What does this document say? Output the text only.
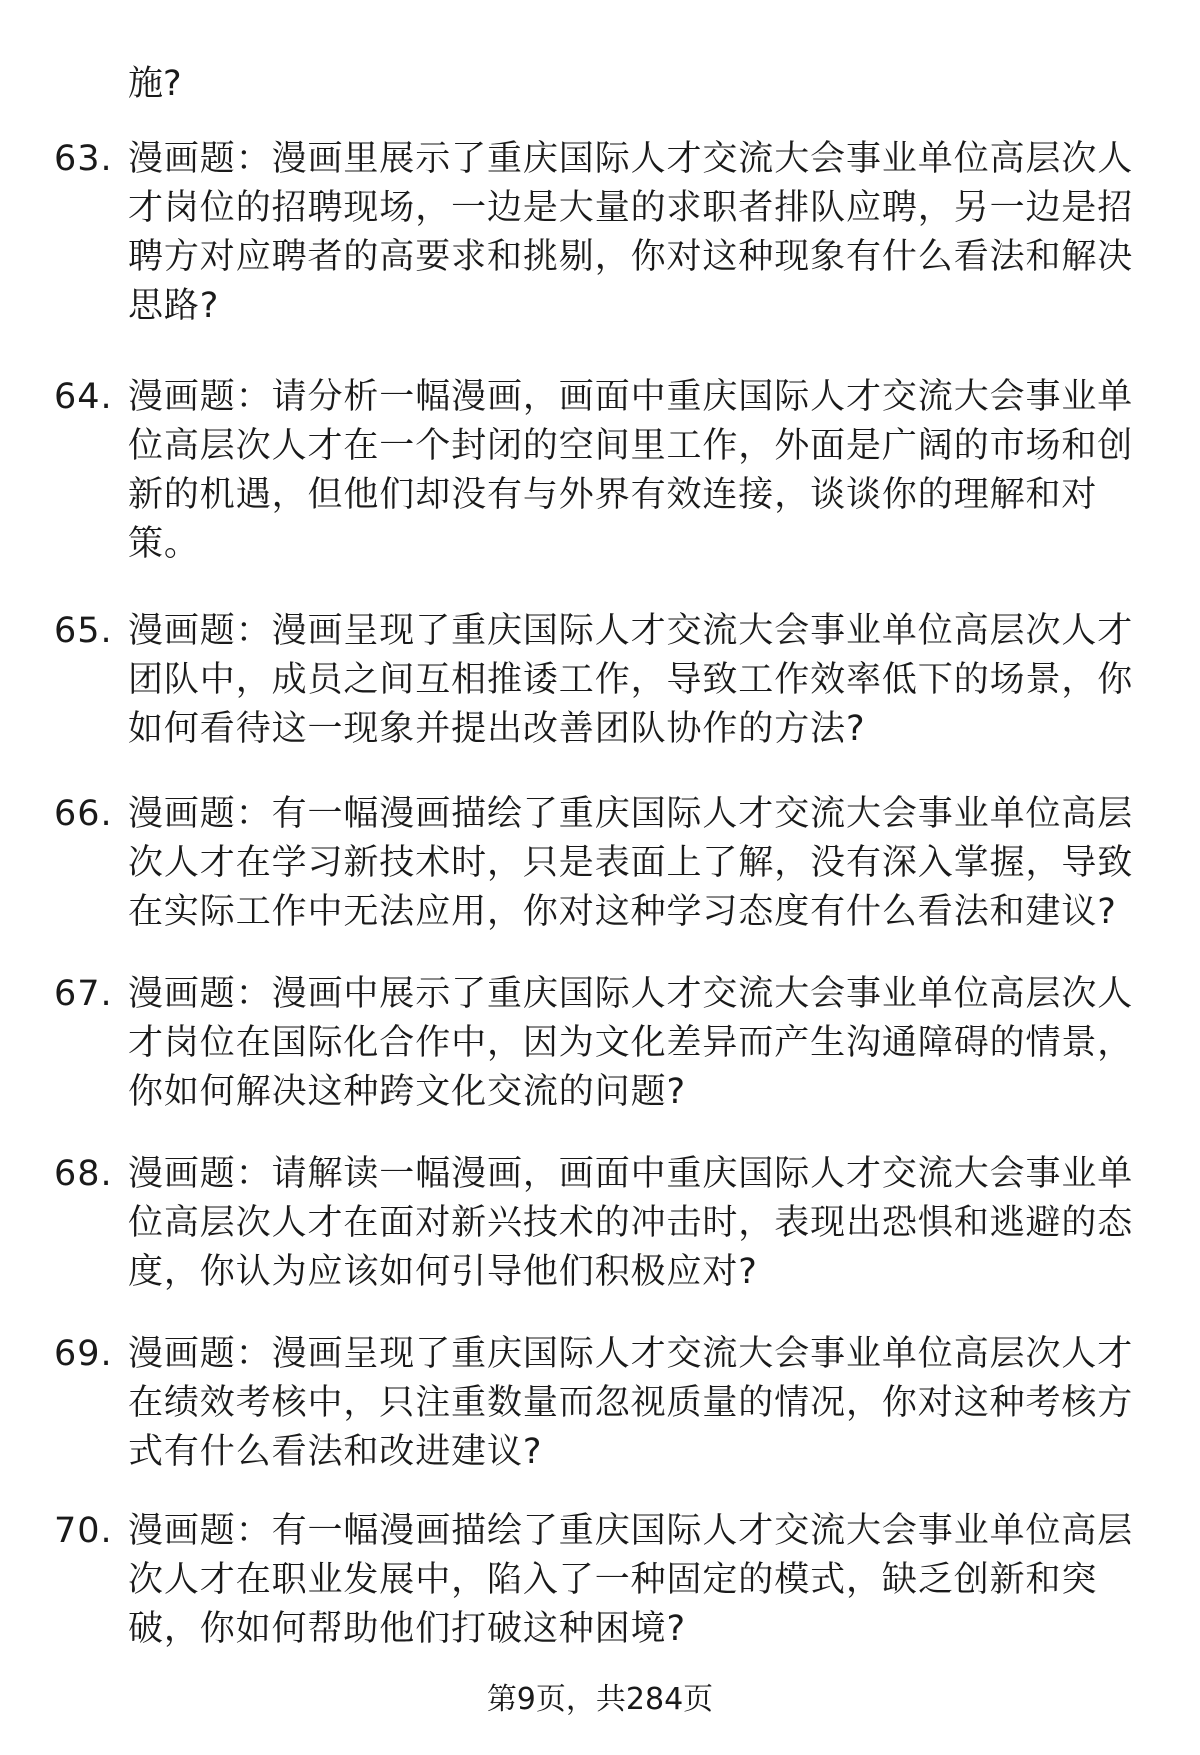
施?
63. 漫画题：漫画里展示了重庆国际人才交流大会事业单位高层次人才岗位的招聘现场，一边是大量的求职者排队应聘，另一边是招聘方对应聘者的高要求和挑剔，你对这种现象有什么看法和解决思路?
64. 漫画题：请分析一幅漫画，画面中重庆国际人才交流大会事业单位高层次人才在一个封闭的空间里工作，外面是广阔的市场和创新的机遇，但他们却没有与外界有效连接，谈谈你的理解和对策。
65. 漫画题：漫画呈现了重庆国际人才交流大会事业单位高层次人才团队中，成员之间互相推诿工作，导致工作效率低下的场景，你如何看待这一现象并提出改善团队协作的方法?
66. 漫画题：有一幅漫画描绘了重庆国际人才交流大会事业单位高层次人才在学习新技术时，只是表面上了解，没有深入掌握，导致在实际工作中无法应用，你对这种学习态度有什么看法和建议?
67. 漫画题：漫画中展示了重庆国际人才交流大会事业单位高层次人才岗位在国际化合作中，因为文化差异而产生沟通障碍的情景，你如何解决这种跨文化交流的问题?
68. 漫画题：请解读一幅漫画，画面中重庆国际人才交流大会事业单位高层次人才在面对新兴技术的冲击时，表现出恐惧和逃避的态度，你认为应该如何引导他们积极应对?
69. 漫画题：漫画呈现了重庆国际人才交流大会事业单位高层次人才在绩效考核中，只注重数量而忽视质量的情况，你对这种考核方式有什么看法和改进建议?
70. 漫画题：有一幅漫画描绘了重庆国际人才交流大会事业单位高层次人才在职业发展中，陷入了一种固定的模式，缺乏创新和突破，你如何帮助他们打破这种困境?
第9页，共284页
